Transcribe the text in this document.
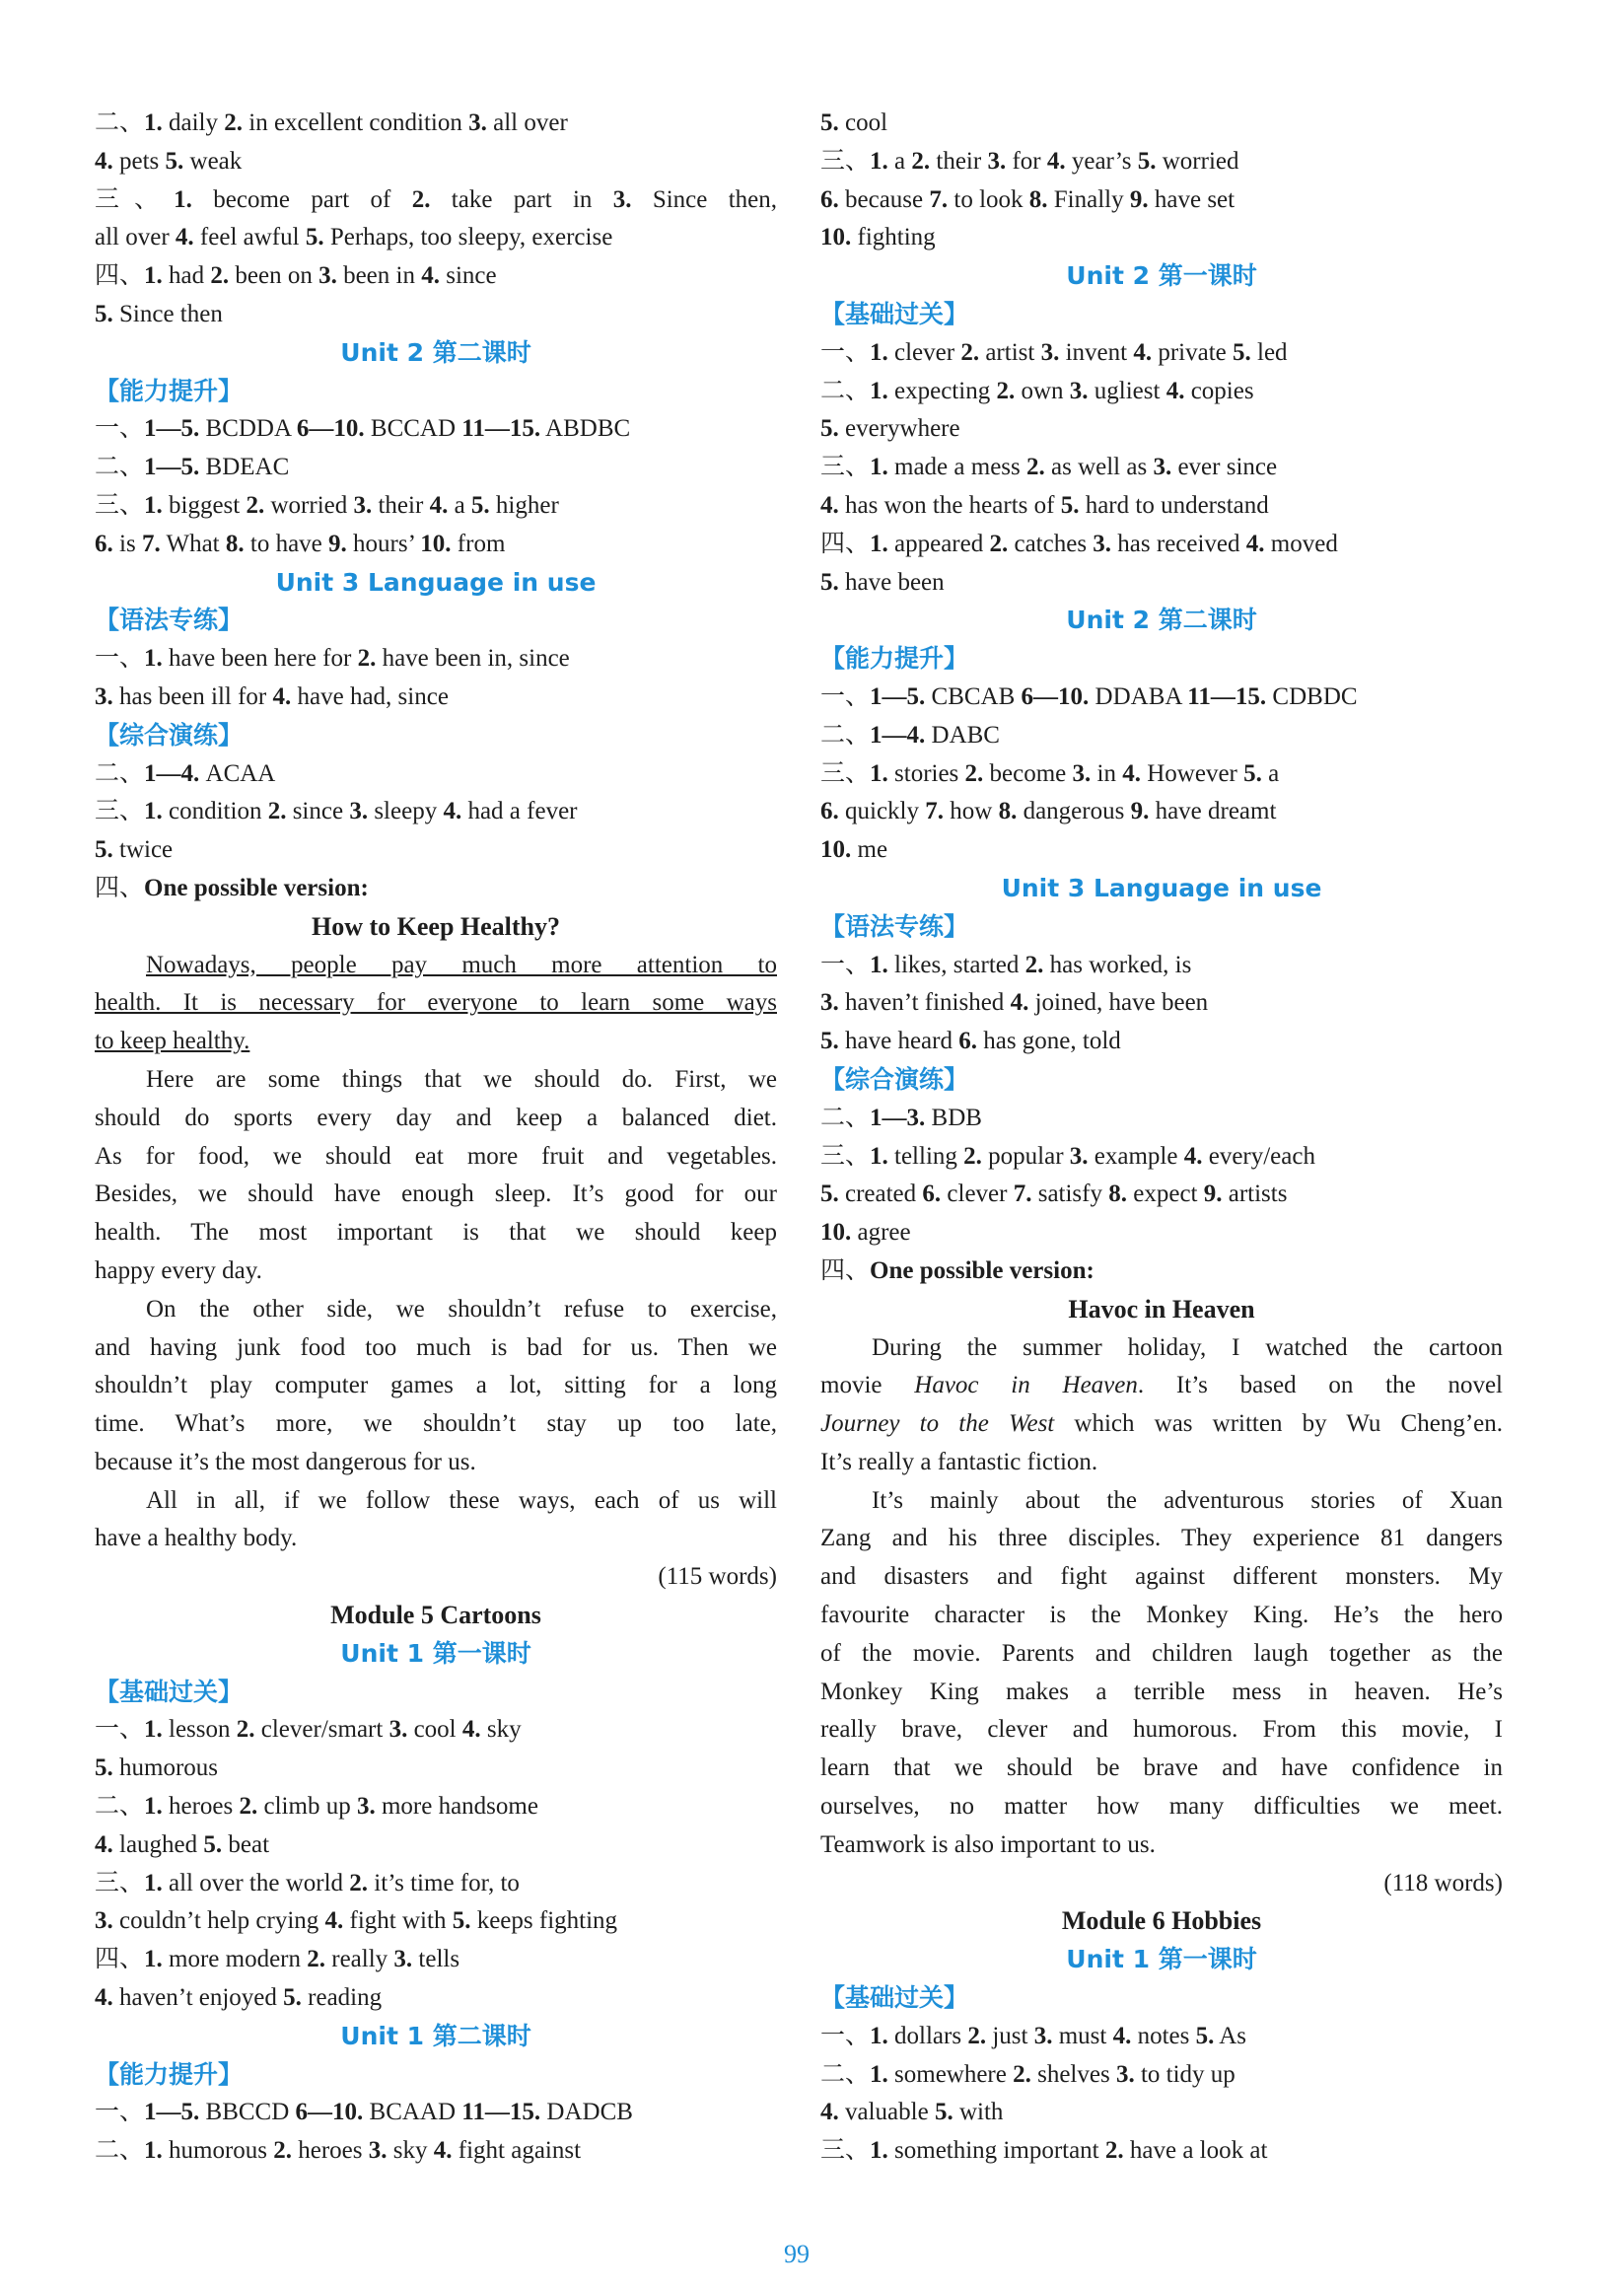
二、1. daily 2. in excellent condition 3. all over
4. pets 5. weak
三、1. become part of 2. take part in 3. Since then,
all over 4. feel awful 5. Perhaps, too sleepy, exercise
四、1. had 2. been on 3. been in 4. since
5. Since then
Unit 2 第二课时
【能力提升】
一、1—5. BCDDA 6—10. BCCAD 11—15. ABDBC
二、1—5. BDEAC
三、1. biggest 2. worried 3. their 4. a 5. higher
6. is 7. What 8. to have 9. hours’ 10. from
Unit 3 Language in use
【语法专练】
一、1. have been here for 2. have been in, since
3. has been ill for 4. have had, since
【综合演练】
二、1—4. ACAA
三、1. condition 2. since 3. sleepy 4. had a fever
5. twice
四、One possible version:
How to Keep Healthy?
Nowadays, people pay much more attention to
health. It is necessary for everyone to learn some ways
to keep healthy.
Here are some things that we should do. First, we
should do sports every day and keep a balanced diet.
As for food, we should eat more fruit and vegetables.
Besides, we should have enough sleep. It’s good for our
health. The most important is that we should keep
happy every day.
On the other side, we shouldn’t refuse to exercise,
and having junk food too much is bad for us. Then we
shouldn’t play computer games a lot, sitting for a long
time. What’s more, we shouldn’t stay up too late,
because it’s the most dangerous for us.
All in all, if we follow these ways, each of us will
have a healthy body.
(115 words)
Module 5 Cartoons
Unit 1 第一课时
【基础过关】
一、1. lesson 2. clever/smart 3. cool 4. sky
5. humorous
二、1. heroes 2. climb up 3. more handsome
4. laughed 5. beat
三、1. all over the world 2. it’s time for, to
3. couldn’t help crying 4. fight with 5. keeps fighting
四、1. more modern 2. really 3. tells
4. haven’t enjoyed 5. reading
Unit 1 第二课时
【能力提升】
一、1—5. BBCCD 6—10. BCAAD 11—15. DADCB
二、1. humorous 2. heroes 3. sky 4. fight against
5. cool
三、1. a 2. their 3. for 4. year’s 5. worried
6. because 7. to look 8. Finally 9. have set
10. fighting
Unit 2 第一课时
【基础过关】
一、1. clever 2. artist 3. invent 4. private 5. led
二、1. expecting 2. own 3. ugliest 4. copies
5. everywhere
三、1. made a mess 2. as well as 3. ever since
4. has won the hearts of 5. hard to understand
四、1. appeared 2. catches 3. has received 4. moved
5. have been
Unit 2 第二课时
【能力提升】
一、1—5. CBCAB 6—10. DDABA 11—15. CDBDC
二、1—4. DABC
三、1. stories 2. become 3. in 4. However 5. a
6. quickly 7. how 8. dangerous 9. have dreamt
10. me
Unit 3 Language in use
【语法专练】
一、1. likes, started 2. has worked, is
3. haven’t finished 4. joined, have been
5. have heard 6. has gone, told
【综合演练】
二、1—3. BDB
三、1. telling 2. popular 3. example 4. every/each
5. created 6. clever 7. satisfy 8. expect 9. artists
10. agree
四、One possible version:
Havoc in Heaven
During the summer holiday, I watched the cartoon
movie Havoc in Heaven. It’s based on the novel
Journey to the West which was written by Wu Cheng’en.
It’s really a fantastic fiction.
It’s mainly about the adventurous stories of Xuan
Zang and his three disciples. They experience 81 dangers
and disasters and fight against different monsters. My
favourite character is the Monkey King. He’s the hero
of the movie. Parents and children laugh together as the
Monkey King makes a terrible mess in heaven. He’s
really brave, clever and humorous. From this movie, I
learn that we should be brave and have confidence in
ourselves, no matter how many difficulties we meet.
Teamwork is also important to us.
(118 words)
Module 6 Hobbies
Unit 1 第一课时
【基础过关】
一、1. dollars 2. just 3. must 4. notes 5. As
二、1. somewhere 2. shelves 3. to tidy up
4. valuable 5. with
三、1. something important 2. have a look at
99
